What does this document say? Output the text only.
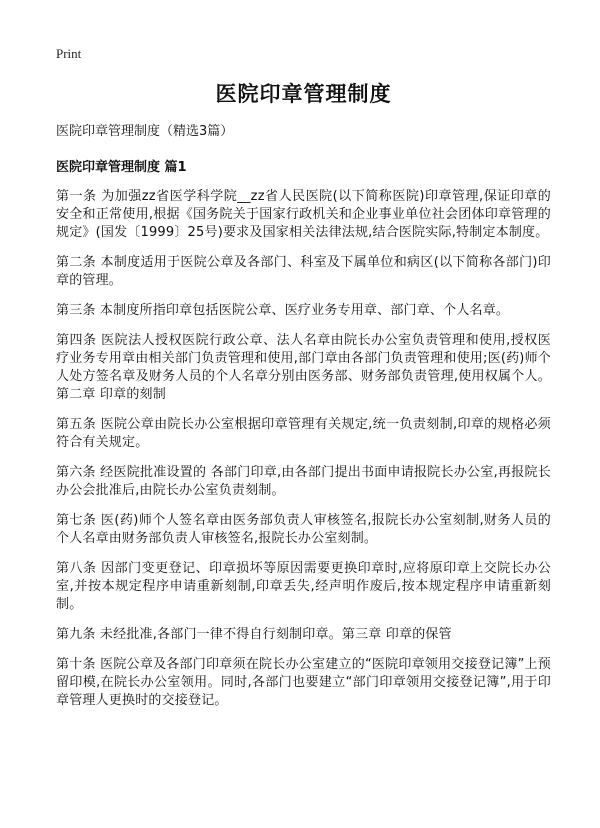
Print
医院印章管理制度
医院印章管理制度（精选3篇）
医院印章管理制度 篇1

第一条 为加强zz省医学科学院__zz省人民医院(以下简称医院)印章管理,保证印章的安全和正常使用,根据《国务院关于国家行政机关和企业事业单位社会团体印章管理的规定》(国发〔1999〕25号)要求及国家相关法律法规,结合医院实际,特制定本制度。

第二条 本制度适用于医院公章及各部门、科室及下属单位和病区(以下简称各部门)印章的管理。

第三条 本制度所指印章包括医院公章、医疗业务专用章、部门章、个人名章。

第四条 医院法人授权医院行政公章、法人名章由院长办公室负责管理和使用,授权医疗业务专用章由相关部门负责管理和使用,部门章由各部门负责管理和使用;医(药)师个人处方签名章及财务人员的个人名章分别由医务部、财务部负责管理,使用权属个人。第二章 印章的刻制

第五条 医院公章由院长办公室根据印章管理有关规定,统一负责刻制,印章的规格必须符合有关规定。

第六条 经医院批准设置的 各部门印章,由各部门提出书面申请报院长办公室,再报院长办公会批准后,由院长办公室负责刻制。

第七条 医(药)师个人签名章由医务部负责人审核签名,报院长办公室刻制,财务人员的个人名章由财务部负责人审核签名,报院长办公室刻制。

第八条 因部门变更登记、印章损坏等原因需要更换印章时,应将原印章上交院长办公室,并按本规定程序申请重新刻制,印章丢失,经声明作废后,按本规定程序申请重新刻制。

第九条 未经批准,各部门一律不得自行刻制印章。第三章 印章的保管

第十条 医院公章及各部门印章须在院长办公室建立的“医院印章领用交接登记簿”上预留印模,在院长办公室领用。同时,各部门也要建立“部门印章领用交接登记簿”,用于印章管理人更换时的交接登记。
